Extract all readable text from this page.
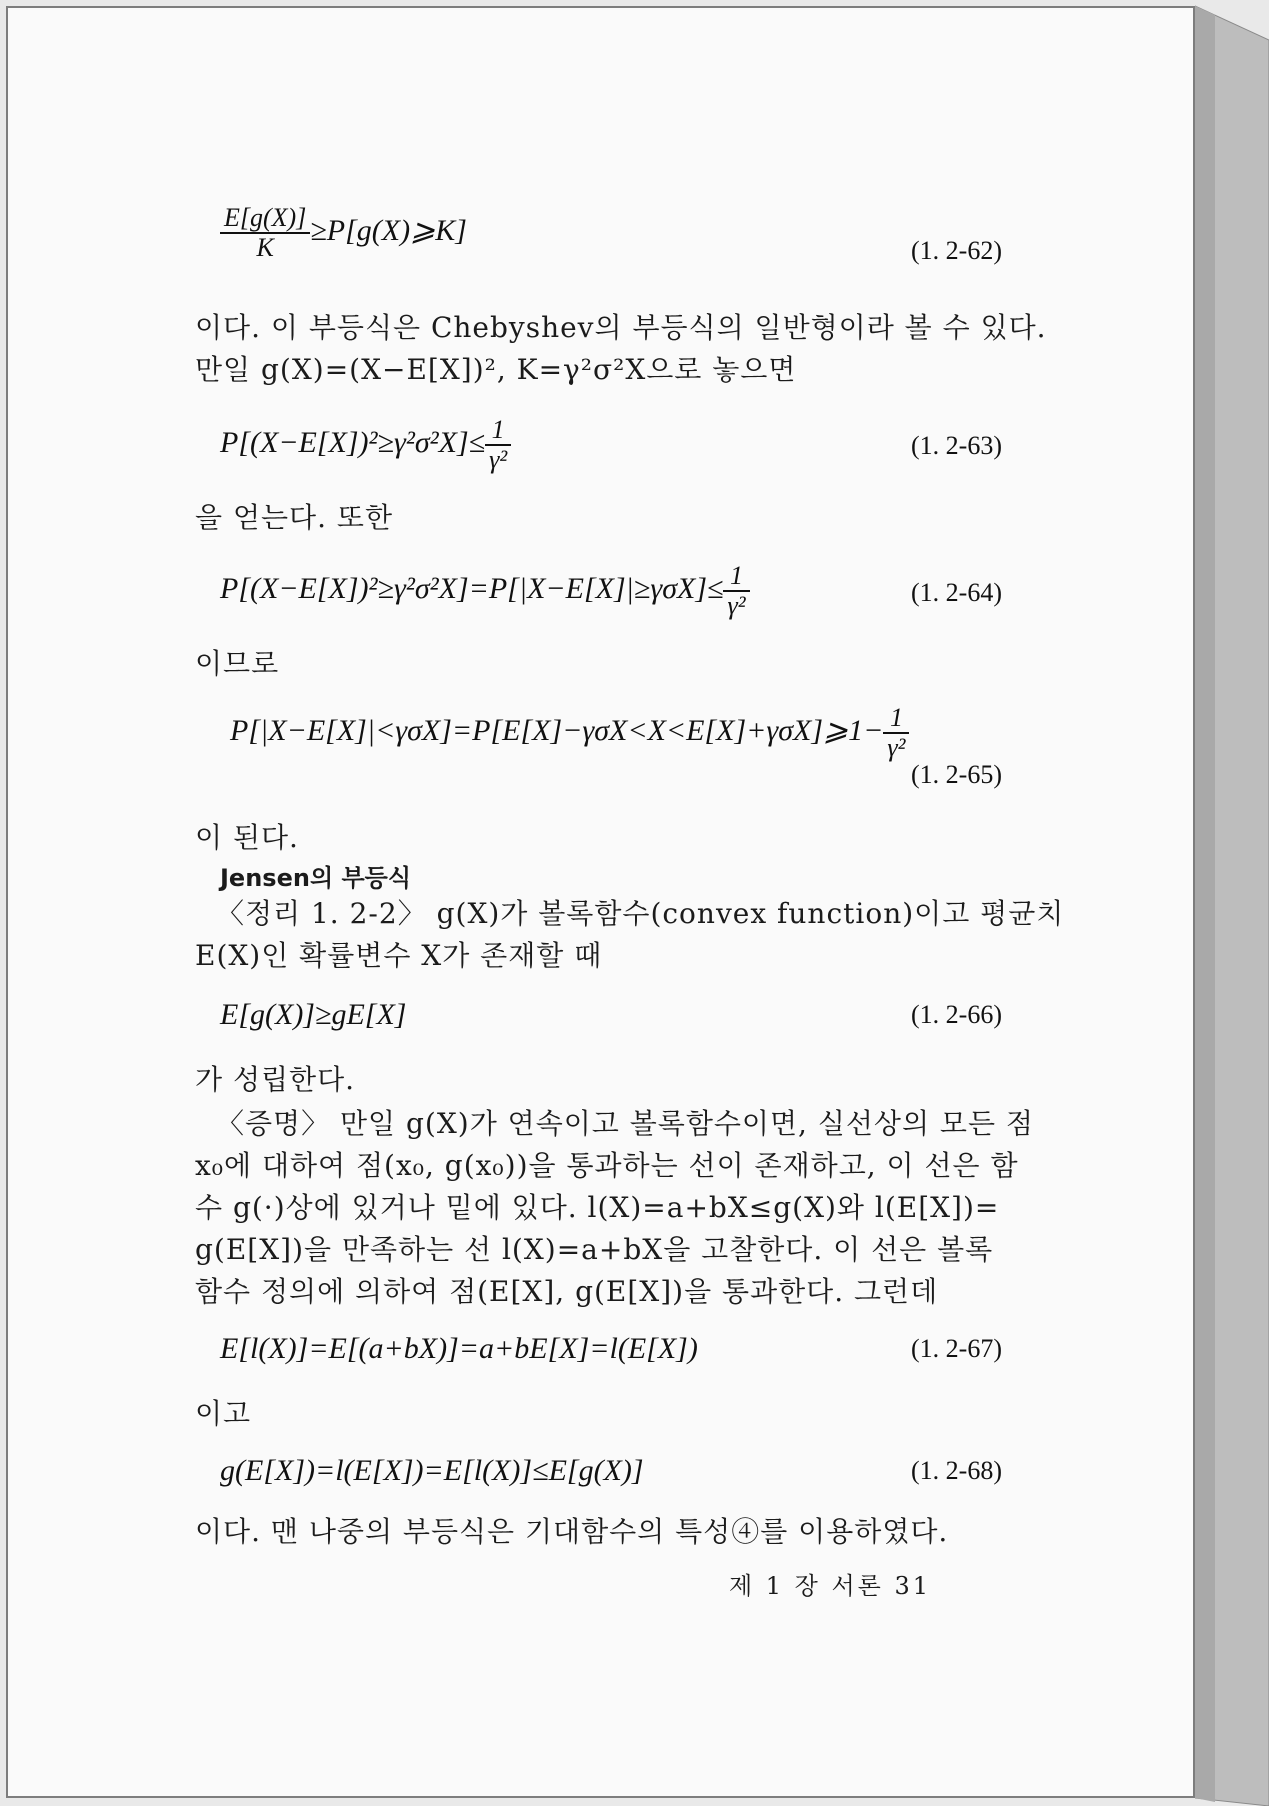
$\frac{E[g(X)]}{K}$ ≥P[g(X)⩾K]
(1. 2-62)
이다. 이 부등식은 Chebyshev의 부등식의 일반형이라 볼 수 있다.
만일 g(X)=(X−E[X])², K=γ²σ²X으로 놓으면
$P[(X-E[X])^2\ge\gamma^2\sigma^2X]\le \frac{1}{\text{γ²}}$	(1. 2-63)
을 얻는다. 또한
$P[(X-E[X])^2\ge\gamma^2\sigma^2X]=P[|X-E[X]|\ge\gamma\sigma X]\le \frac{1}{\text{γ²}}$	(1. 2-64)
이므로
P[|X−E[X]|<γσX]=P[E[X]−γσX<X<E[X]+γσX]⩾1− $\frac{1}{\text{γ²}}$
(1. 2-65)
이 된다.
Jensen의 부등식
〈정리 1. 2-2〉 g(X)가 볼록함수(convex function)이고 평균치
E(X)인 확률변수 X가 존재할 때
E[g(X)]≥gE[X]	(1. 2-66)
가 성립한다.
〈증명〉 만일 g(X)가 연속이고 볼록함수이면, 실선상의 모든 점
x₀에 대하여 점(x₀, g(x₀))을 통과하는 선이 존재하고, 이 선은 함
수 g(·)상에 있거나 밑에 있다. l(X)=a+bX≤g(X)와 l(E[X])=
g(E[X])을 만족하는 선 l(X)=a+bX을 고찰한다. 이 선은 볼록
함수 정의에 의하여 점(E[X], g(E[X])을 통과한다. 그런데
E[l(X)]=E[(a+bX)]=a+bE[X]=l(E[X])	(1. 2-67)
이고
g(E[X])=l(E[X])=E[l(X)]≤E[g(X)]	(1. 2-68)
이다. 맨 나중의 부등식은 기대함수의 특성④를 이용하였다.
제 1 장 서론 31
